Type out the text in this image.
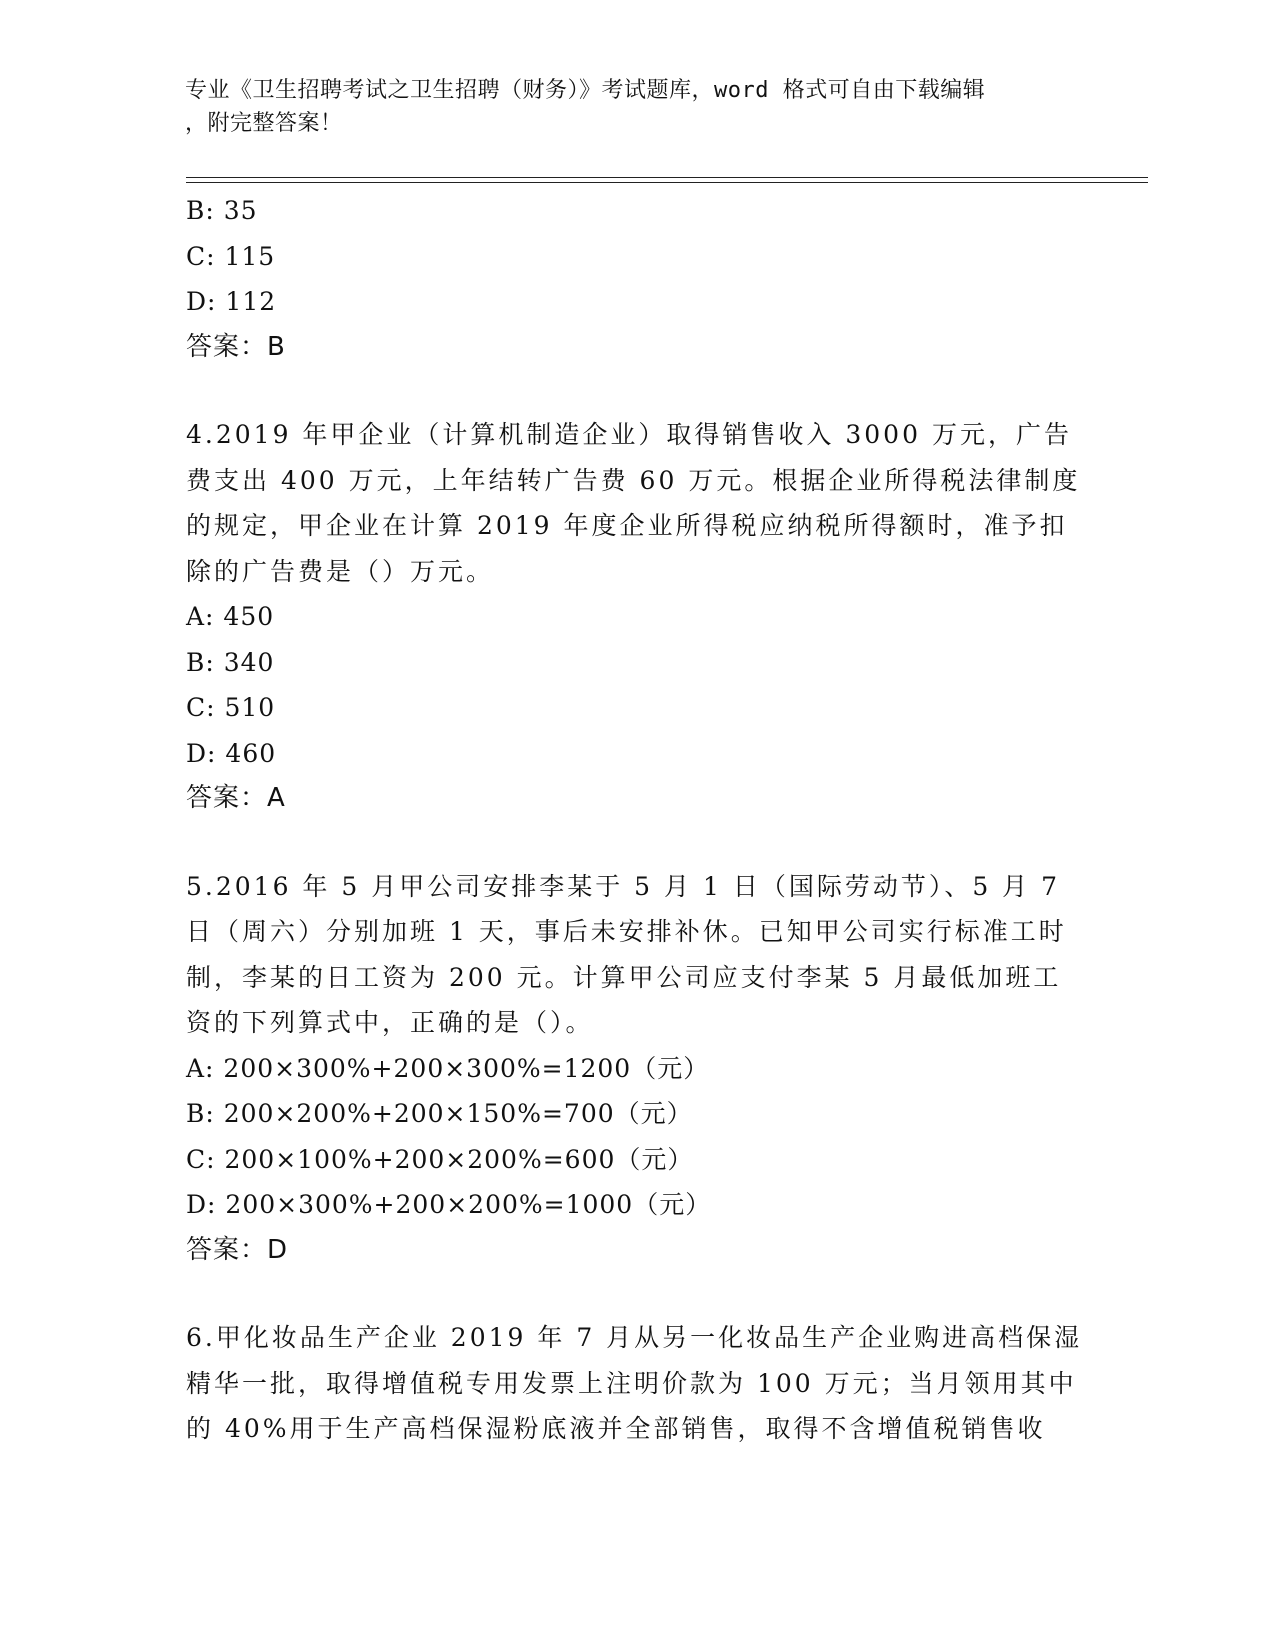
专业《卫生招聘考试之卫生招聘（财务）》考试题库，word 格式可自由下载编辑
，附完整答案！
B: 35
C: 115
D: 112
答案：B
4.2019 年甲企业（计算机制造企业）取得销售收入 3000 万元，广告费支出 400 万元，上年结转广告费 60 万元。根据企业所得税法律制度的规定，甲企业在计算 2019 年度企业所得税应纳税所得额时，准予扣除的广告费是（）万元。
A: 450
B: 340
C: 510
D: 460
答案：A
5.2016 年 5 月甲公司安排李某于 5 月 1 日（国际劳动节）、5 月 7 日（周六）分别加班 1 天，事后未安排补休。已知甲公司实行标准工时制，李某的日工资为 200 元。计算甲公司应支付李某 5 月最低加班工资的下列算式中，正确的是（）。
A: 200×300%+200×300%=1200（元）
B: 200×200%+200×150%=700（元）
C: 200×100%+200×200%=600（元）
D: 200×300%+200×200%=1000（元）
答案：D
6.甲化妆品生产企业 2019 年 7 月从另一化妆品生产企业购进高档保湿精华一批，取得增值税专用发票上注明价款为 100 万元；当月领用其中的 40%用于生产高档保湿粉底液并全部销售，取得不含增值税销售收
